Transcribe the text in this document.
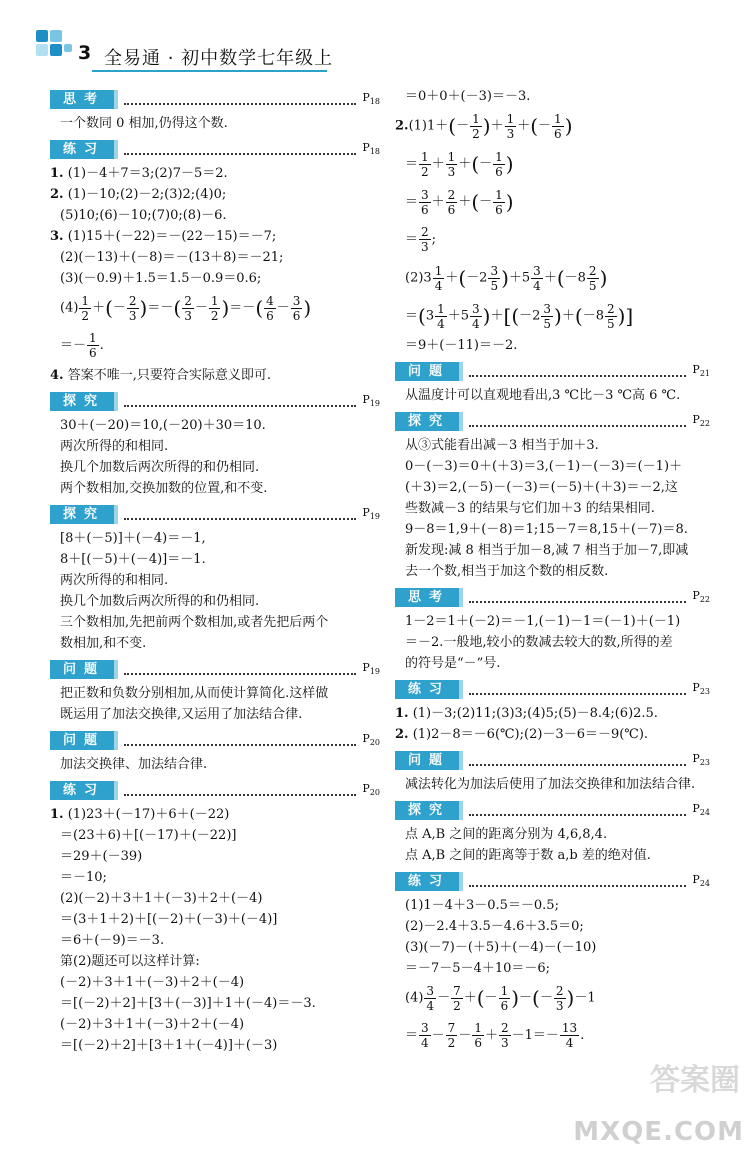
3 全易通 · 初中数学七年级上
思考	$P_{18}$
一个数同 0 相加,仍得这个数.
练习	$P_{18}$
1. (1)－4＋7＝3;(2)7－5＝2.
2. (1)－10;(2)－2;(3)2;(4)0;
(5)10;(6)－10;(7)0;(8)－6.
3. (1)15＋(－22)＝－(22－15)＝－7;
(2)(－13)＋(－8)＝－(13＋8)＝－21;
(3)(－0.9)＋1.5＝1.5－0.9＝0.6;
$(4) \frac{1}{2}$ ＋(－ $\frac{2}{3}$ )＝－( $\frac{2}{3} - \frac{1}{2}$ )＝－( $\frac{4}{6} - \frac{3}{6}$ )
＝－ $\frac{1}{6}$ .
4. 答案不唯一,只要符合实际意义即可.
探究	$P_{19}$
30＋(－20)＝10,(－20)＋30＝10.
两次所得的和相同.
换几个加数后两次所得的和仍相同.
两个数相加,交换加数的位置,和不变.
探究	$P_{19}$
[8＋(－5)]＋(－4)＝－1,
8＋[(－5)＋(－4)]＝－1.
两次所得的和相同.
换几个加数后两次所得的和仍相同.
三个数相加,先把前两个数相加,或者先把后两个
数相加,和不变.
问题	$P_{19}$
把正数和负数分别相加,从而使计算简化.这样做
既运用了加法交换律,又运用了加法结合律.
问题	$P_{20}$
加法交换律、加法结合律.
练习	$P_{20}$
1. (1)23＋(－17)＋6＋(－22)
＝(23＋6)＋[(－17)＋(－22)]
＝29＋(－39)
＝－10;
(2)(－2)＋3＋1＋(－3)＋2＋(－4)
＝(3＋1＋2)＋[(－2)＋(－3)＋(－4)]
＝6＋(－9)＝－3.
第(2)题还可以这样计算:
(－2)＋3＋1＋(－3)＋2＋(－4)
＝[(－2)＋2]＋[3＋(－3)]＋1＋(－4)＝－3.
(－2)＋3＋1＋(－3)＋2＋(－4)
＝[(－2)＋2]＋[3＋1＋(－4)]＋(－3)
＝0＋0＋(－3)＝－3.
$2.(1)1+(- \frac{1}{2}$ )＋ $\frac{1}{3}$ ＋(－ $\frac{1}{6}$ )
＝ $\frac{1}{2} + \frac{1}{3}$ ＋(－ $\frac{1}{6}$ )
＝ $\frac{3}{6} + \frac{2}{6}$ ＋(－ $\frac{1}{6}$ )
＝ $\frac{2}{3}$ ;
$(2)3 \frac{1}{4} +(-2 \frac{3}{5} )+5 \frac{3}{4} +(-8 \frac{2}{5}$ )
$=(3 \frac{1}{4} +5 \frac{3}{4} )+[(-2 \frac{3}{5} )+(-8 \frac{2}{5}$ )]
＝9＋(－11)＝－2.
问题	$P_{21}$
从温度计可以直观地看出,3 ℃比－3 ℃高 6 ℃.
探究	$P_{22}$
从③式能看出减－3 相当于加＋3.
0－(－3)＝0＋(＋3)＝3,(－1)－(－3)＝(－1)＋
(＋3)＝2,(－5)－(－3)＝(－5)＋(＋3)＝－2,这
些数减－3 的结果与它们加＋3 的结果相同.
9－8＝1,9＋(－8)＝1;15－7＝8,15＋(－7)＝8.
新发现:减 8 相当于加－8,减 7 相当于加－7,即减
去一个数,相当于加这个数的相反数.
思考	$P_{22}$
1－2＝1＋(－2)＝－1,(－1)－1＝(－1)＋(－1)
＝－2.一般地,较小的数减去较大的数,所得的差
的符号是“－”号.
练习	$P_{23}$
1. (1)－3;(2)11;(3)3;(4)5;(5)－8.4;(6)2.5.
2. (1)2－8＝－6(℃);(2)－3－6＝－9(℃).
问题	$P_{23}$
减法转化为加法后使用了加法交换律和加法结合律.
探究	$P_{24}$
点 A,B 之间的距离分别为 4,6,8,4.
点 A,B 之间的距离等于数 a,b 差的绝对值.
练习	$P_{24}$
(1)1－4＋3－0.5＝－0.5;
(2)－2.4＋3.5－4.6＋3.5＝0;
(3)(－7)－(＋5)＋(－4)－(－10)
＝－7－5－4＋10＝－6;
$(4) \frac{3}{4} - \frac{7}{2}$ ＋(－ $\frac{1}{6}$ )－(－ $\frac{2}{3} )-1$
＝ $\frac{3}{4} - \frac{7}{2} - \frac{1}{6} + \frac{2}{3} -1=- \frac{13}{4}$ .
答案圈
MXQE.COM
